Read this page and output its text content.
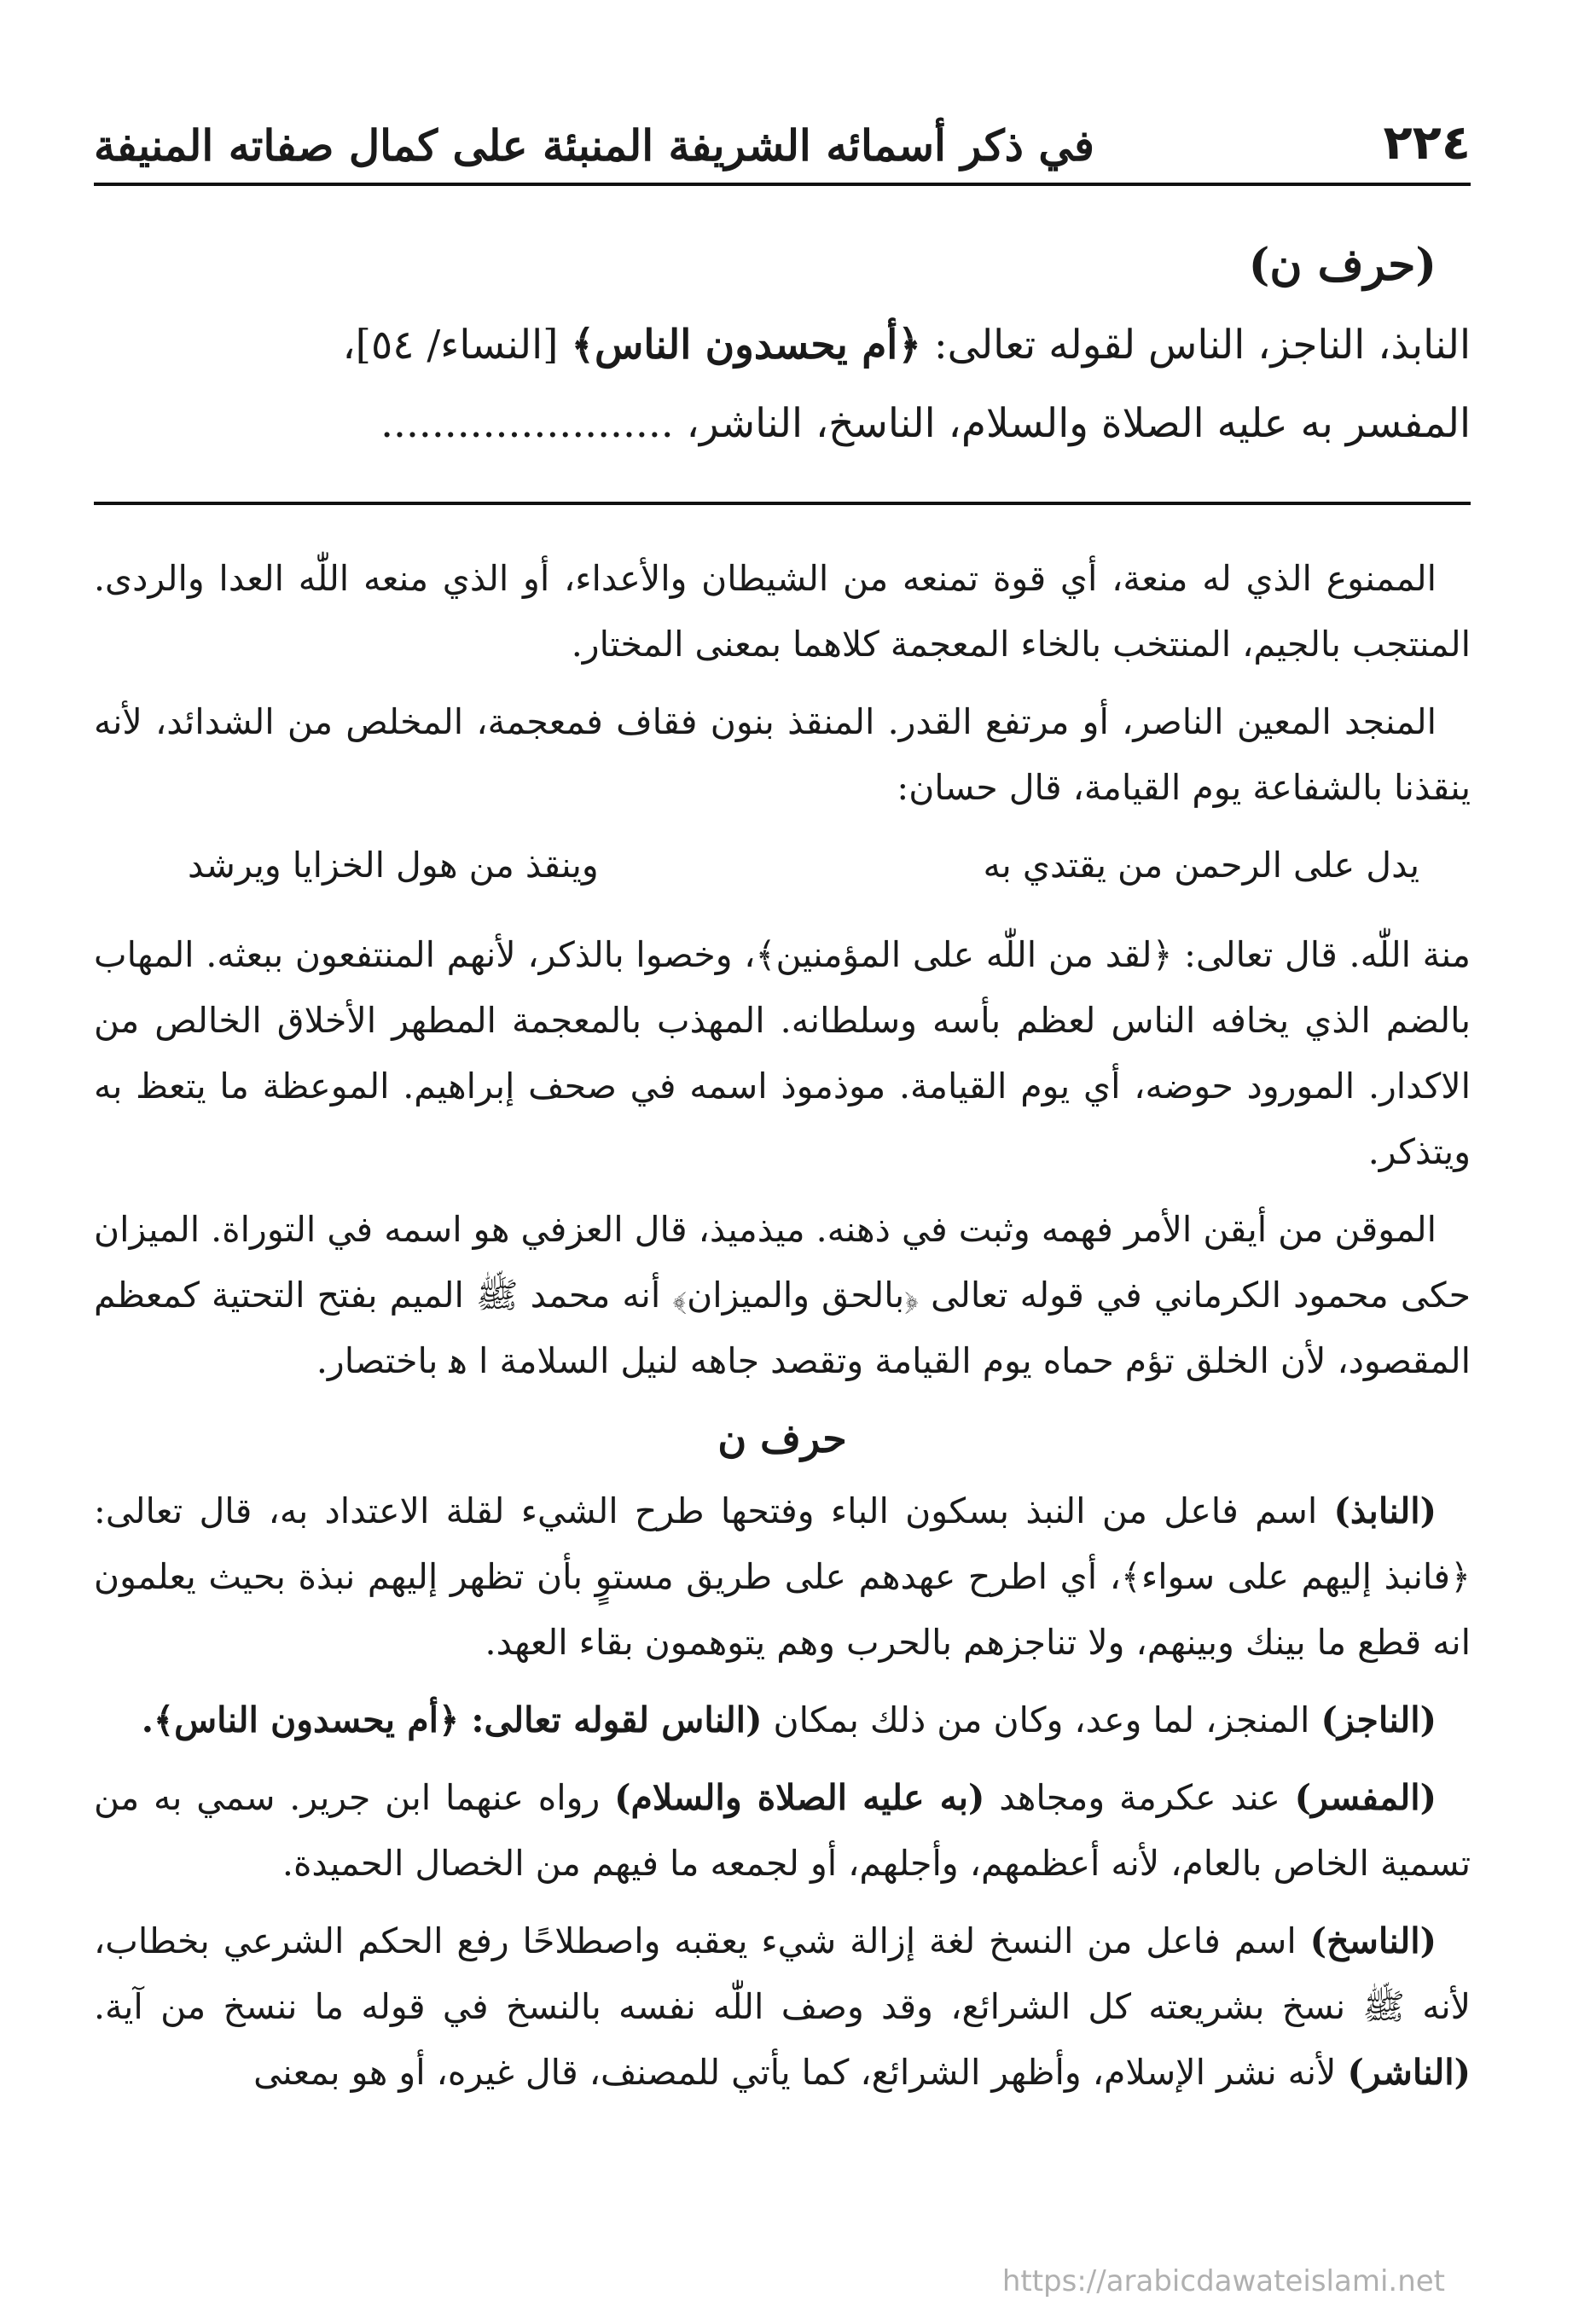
٢٢٤
في ذكر أسمائه الشريفة المنبئة على كمال صفاته المنيفة
(حرف ن)

النابذ، الناجز، الناس لقوله تعالى: ﴿أم يحسدون الناس﴾ [النساء/ ٥٤]،

المفسر به عليه الصلاة والسلام، الناسخ، الناشر، .......................

الممنوع الذي له منعة، أي قوة تمنعه من الشيطان والأعداء، أو الذي منعه اللّٰه العدا والردى. المنتجب بالجيم، المنتخب بالخاء المعجمة كلاهما بمعنى المختار.

المنجد المعين الناصر، أو مرتفع القدر. المنقذ بنون فقاف فمعجمة، المخلص من الشدائد، لأنه ينقذنا بالشفاعة يوم القيامة، قال حسان:

يدل على الرحمن من يقتدي به
وينقذ من هول الخزايا ويرشد

منة اللّٰه. قال تعالى: ﴿لقد من اللّٰه على المؤمنين﴾، وخصوا بالذكر، لأنهم المنتفعون ببعثه. المهاب بالضم الذي يخافه الناس لعظم بأسه وسلطانه. المهذب بالمعجمة المطهر الأخلاق الخالص من الاكدار. المورود حوضه، أي يوم القيامة. موذموذ اسمه في صحف إبراهيم. الموعظة ما يتعظ به ويتذكر.

الموقن من أيقن الأمر فهمه وثبت في ذهنه. ميذميذ، قال العزفي هو اسمه في التوراة. الميزان حكى محمود الكرماني في قوله تعالى ﴿بالحق والميزان﴾ أنه محمد ﷺ الميم بفتح التحتية كمعظم المقصود، لأن الخلق تؤم حماه يوم القيامة وتقصد جاهه لنيل السلامة ا ﻫ باختصار.

حرف ن

(النابذ) اسم فاعل من النبذ بسكون الباء وفتحها طرح الشيء لقلة الاعتداد به، قال تعالى: ﴿فانبذ إليهم على سواء﴾، أي اطرح عهدهم على طريق مستوٍ بأن تظهر إليهم نبذة بحيث يعلمون انه قطع ما بينك وبينهم، ولا تناجزهم بالحرب وهم يتوهمون بقاء العهد.

(الناجز) المنجز، لما وعد، وكان من ذلك بمكان (الناس لقوله تعالى: ﴿أم يحسدون الناس﴾.

(المفسر) عند عكرمة ومجاهد (به عليه الصلاة والسلام) رواه عنهما ابن جرير. سمي به من تسمية الخاص بالعام، لأنه أعظمهم، وأجلهم، أو لجمعه ما فيهم من الخصال الحميدة.

(الناسخ) اسم فاعل من النسخ لغة إزالة شيء يعقبه واصطلاحًا رفع الحكم الشرعي بخطاب، لأنه ﷺ نسخ بشريعته كل الشرائع، وقد وصف اللّٰه نفسه بالنسخ في قوله ما ننسخ من آية. (الناشر) لأنه نشر الإسلام، وأظهر الشرائع، كما يأتي للمصنف، قال غيره، أو هو بمعنى

https://arabicdawateislami.net
